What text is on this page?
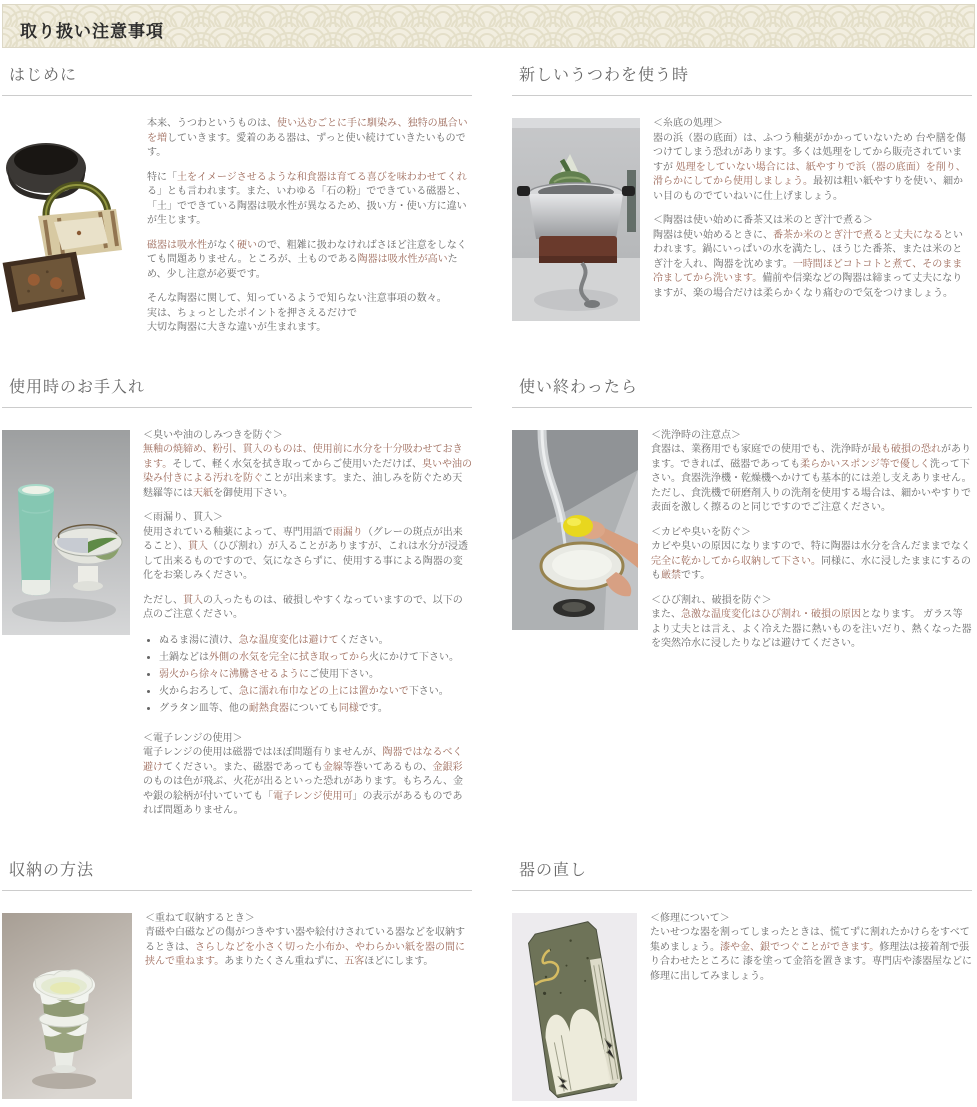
取り扱い注意事項
はじめに

本来、うつわというものは、使い込むごとに手に馴染み、独特の風合いを増していきます。愛着のある器は、ずっと使い続けていきたいものです。

特に「土をイメージさせるような和食器は育てる喜びを味わわせてくれる」とも言われます。また、いわゆる「石の粉」でできている磁器と、「土」でできている陶器は吸水性が異なるため、扱い方・使い方に違いが生じます。

磁器は吸水性がなく硬いので、粗雑に扱わなければさほど注意をしなくても問題ありません。ところが、土ものである陶器は吸水性が高いため、少し注意が必要です。

そんな陶器に関して、知っているようで知らない注意事項の数々。
実は、ちょっとしたポイントを押さえるだけで
大切な陶器に大きな違いが生まれます。

新しいうつわを使う時

＜糸底の処理＞
器の浜（器の底面）は、ふつう釉薬がかかっていないため 台や膳を傷つけてしまう恐れがあります。多くは処理をしてから販売されていますが 処理をしていない場合には、紙やすりで浜（器の底面）を削り、滑らかにしてから使用しましょう。最初は粗い紙やすりを使い、細かい目のものでていねいに仕上げましょう。

＜陶器は使い始めに番茶又は米のとぎ汁で煮る＞
陶器は使い始めるときに、番茶か米のとぎ汁で煮ると丈夫になるといわれます。鍋にいっぱいの水を満たし、ほうじた番茶、または米のとぎ汁を入れ、陶器を沈めます。一時間ほどコトコトと煮て、そのまま冷ましてから洗います。備前や信楽などの陶器は締まって丈夫になりますが、楽の場合だけは柔らかくなり痛むので気をつけましょう。

使用時のお手入れ

＜臭いや油のしみつきを防ぐ＞
無釉の焼締め、粉引、貫入のものは、使用前に水分を十分吸わせておきます。そして、軽く水気を拭き取ってからご使用いただけば、臭いや油の染み付きによる汚れを防ぐことが出来ます。また、油しみを防ぐため天麩羅等には天紙を御使用下さい。

＜雨漏り、貫入＞
使用されている釉薬によって、専門用語で雨漏り（グレーの斑点が出来ること）、貫入（ひび割れ）が入ることがありますが、これは水分が浸透して出来るものですので、気になさらずに、使用する事による陶器の変化をお楽しみください。

ただし、貫入の入ったものは、破損しやすくなっていますので、以下の点のご注意ください。

• ぬるま湯に漬け、急な温度変化は避けてください。
• 土鍋などは外側の水気を完全に拭き取ってから火にかけて下さい。
• 弱火から徐々に沸騰させるようにご使用下さい。
• 火からおろして、急に濡れ布巾などの上には置かないで下さい。
• グラタン皿等、他の耐熱食器についても同様です。

＜電子レンジの使用＞
電子レンジの使用は磁器ではほぼ問題有りませんが、陶器ではなるべく避けてください。また、磁器であっても金線等巻いてあるもの、金銀彩のものは色が飛ぶ、火花が出るといった恐れがあります。もちろん、金や銀の絵柄が付いていても「電子レンジ使用可」の表示があるものであれば問題ありません。

使い終わったら

＜洗浄時の注意点＞
食器は、業務用でも家庭での使用でも、洗浄時が最も破損の恐れがあります。できれば、磁器であっても柔らかいスポンジ等で優しく洗って下さい。食器洗浄機・乾燥機へかけても基本的には差し支えありません。ただし、食洗機で研磨剤入りの洗剤を使用する場合は、細かいやすりで表面を激しく擦るのと同じですのでご注意ください。

＜カビや臭いを防ぐ＞
カビや臭いの原因になりますので、特に陶器は水分を含んだままでなく完全に乾かしてから収納して下さい。同様に、水に浸したままにするのも厳禁です。

＜ひび割れ、破損を防ぐ＞
また、急激な温度変化はひび割れ・破損の原因となります。 ガラス等より丈夫とは言え、よく冷えた器に熱いものを注いだり、熱くなった器を突然冷水に浸したりなどは避けてください。

収納の方法

＜重ねて収納するとき＞
青磁や白磁などの傷がつきやすい器や絵付けされている器などを収納するときは、さらしなどを小さく切った小布か、やわらかい紙を器の間に挟んで重ねます。あまりたくさん重ねずに、五客ほどにします。

器の直し

＜修理について＞
たいせつな器を割ってしまったときは、慌てずに割れたかけらをすべて集めましょう。漆や金、銀でつぐことができます。修理法は接着剤で張り合わせたところに 漆を塗って金箔を置きます。専門店や漆器屋などに修理に出してみましょう。
